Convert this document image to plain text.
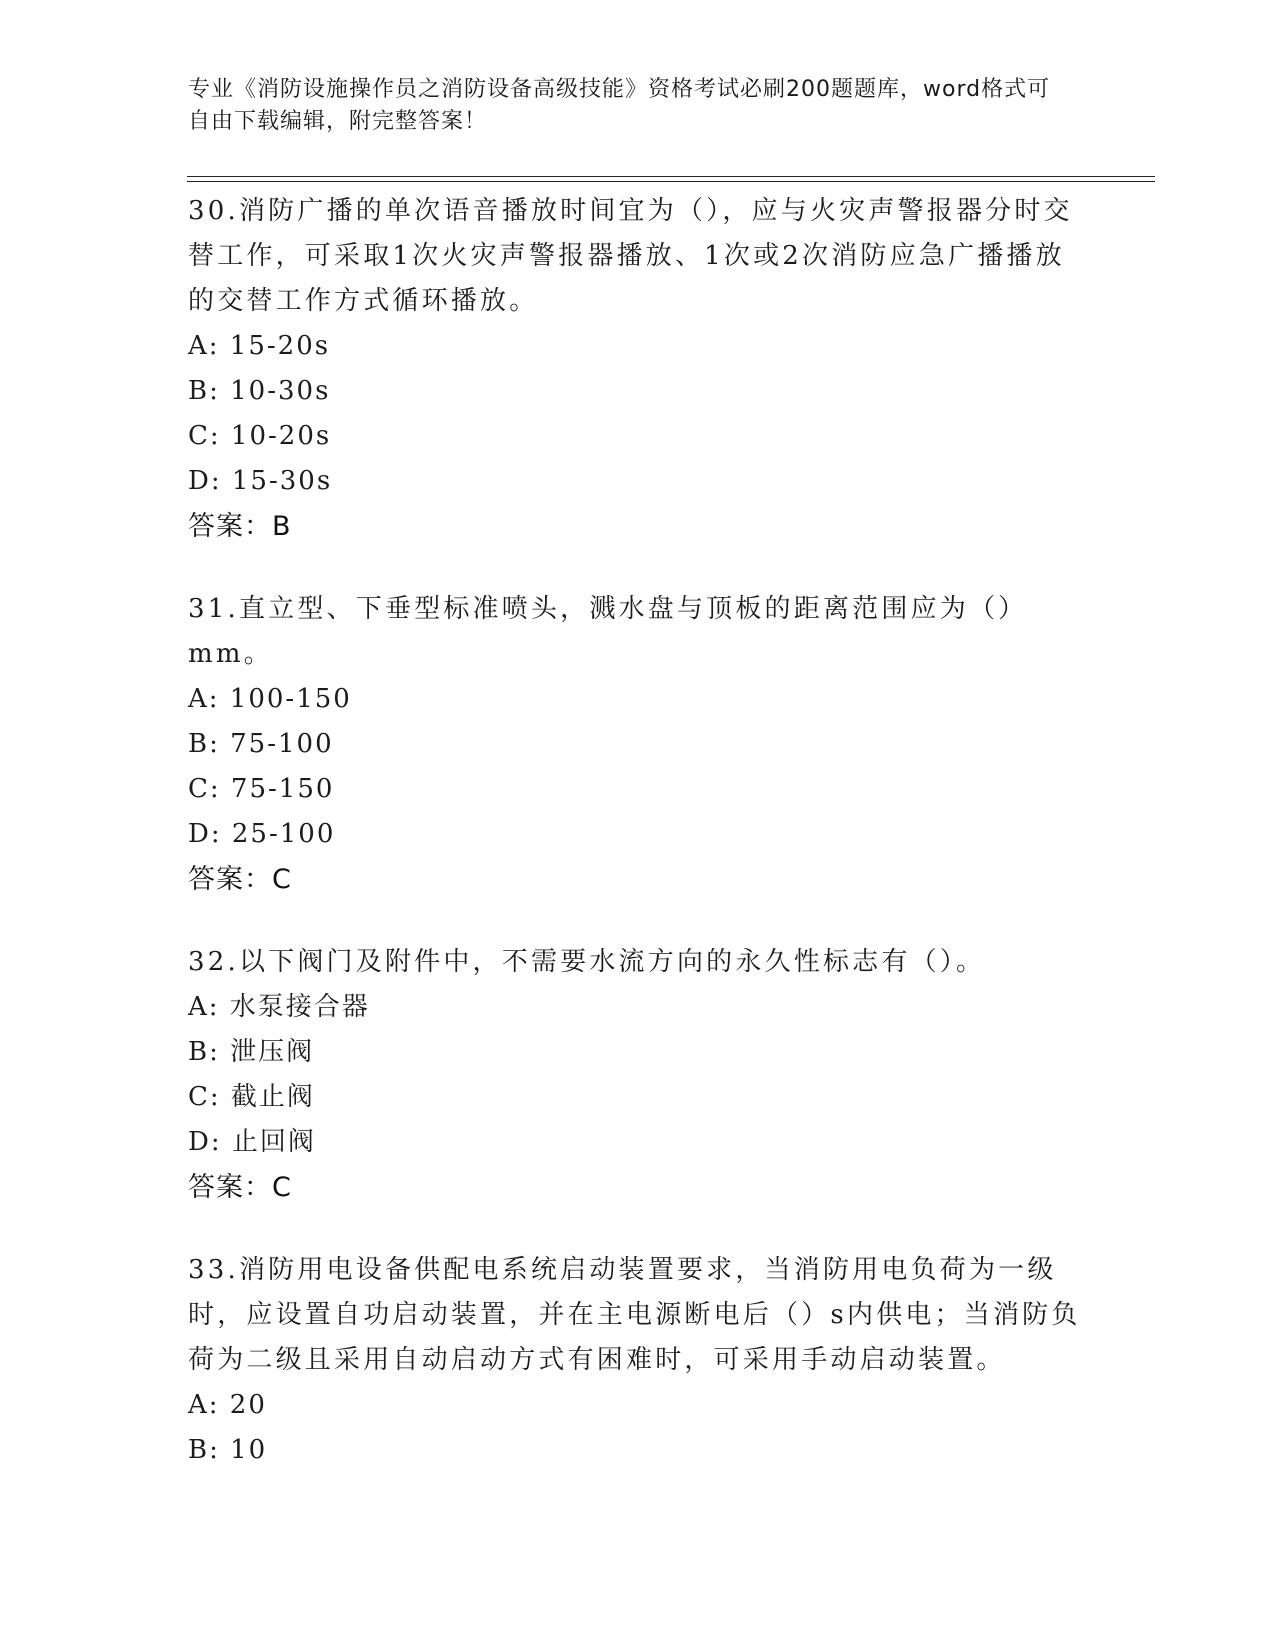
专业《消防设施操作员之消防设备高级技能》资格考试必刷200题题库，word格式可自由下载编辑，附完整答案！

30.消防广播的单次语音播放时间宜为（），应与火灾声警报器分时交替工作，可采取1次火灾声警报器播放、1次或2次消防应急广播播放的交替工作方式循环播放。

A: 15-20s

B: 10-30s

C: 10-20s

D: 15-30s

答案：B

31.直立型、下垂型标准喷头，溅水盘与顶板的距离范围应为（）mm。

A: 100-150

B: 75-100

C: 75-150

D: 25-100

答案：C

32.以下阀门及附件中，不需要水流方向的永久性标志有（）。

A: 水泵接合器

B: 泄压阀

C: 截止阀

D: 止回阀

答案：C

33.消防用电设备供配电系统启动装置要求，当消防用电负荷为一级时，应设置自功启动装置，并在主电源断电后（）s内供电；当消防负荷为二级且采用自动启动方式有困难时，可采用手动启动装置。

A: 20

B: 10
